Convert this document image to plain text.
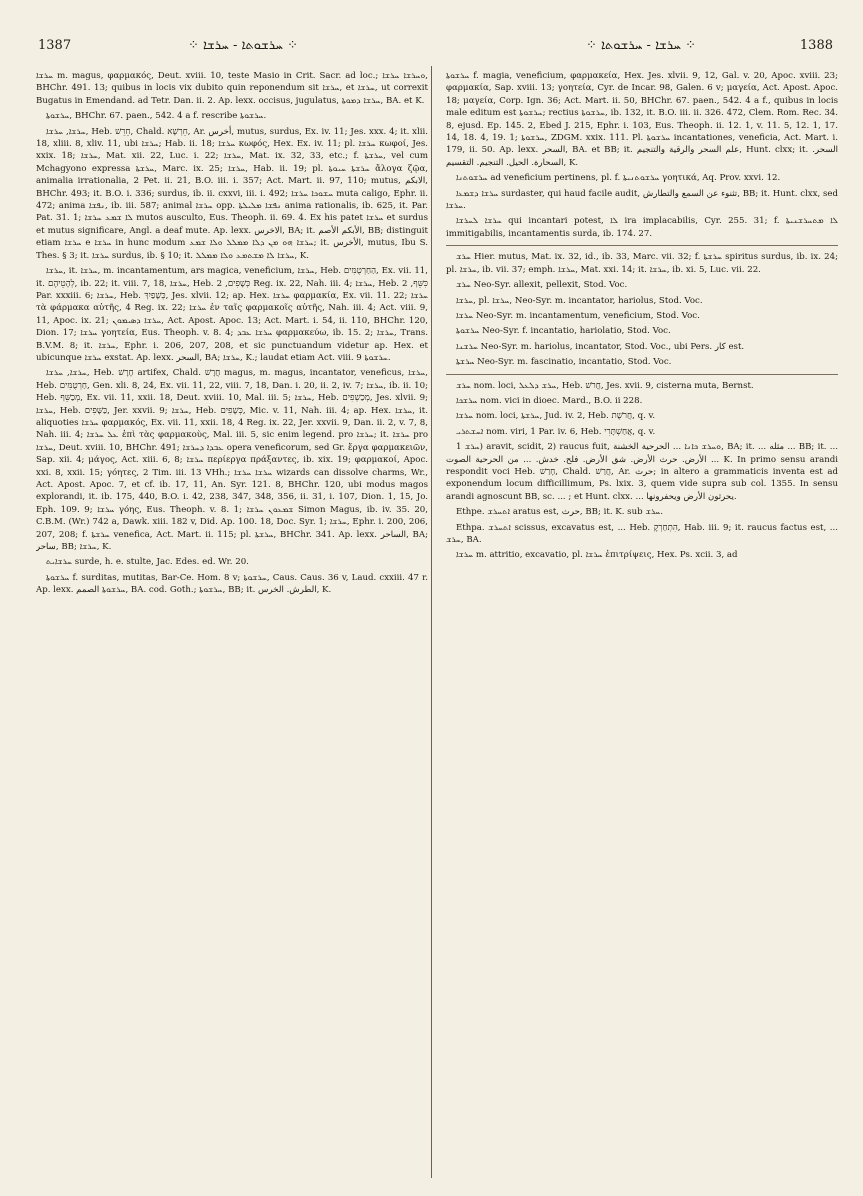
1387	⁘ ܚܪܫܘܬܐ - ܚܪܫܐ ⁘	⁘ ܚܪܫܐ - ܚܪܫܘܬܐ ⁘	1388

ܚܪܫܐ m. magus, φαρμακός, Deut. xviii. 10, teste Masio in Crit. Sacr. ad loc.; ܘܚܪܫܐ ܚܪܫܐ, BHChr. 491. 13; quibus in locis vix dubito quin reponendum sit ܚܪܫܐ, et ܚܪܫܐ, ut correxit Bugatus in Emendand. ad Tetr. Dan. ii. 2. Ap. lexx. occisus, jugulatus, ܚܪܫܐ ܕܡܘܬܐ, BA. et K.

ܚܪܫܘܬܐ, BHChr. 67. paen., 542. 4 a f. rescribe ܚܪܫܘܬܐ.

ܚܪܫܐ, ܚܪܫܐ, Heb. חֵרֵשׁ, Chald. חֵרְשָׁא, Ar. أخرس, mutus, surdus, Ex. iv. 11; Jes. xxx. 4; it. xlii. 18, xliii. 8, xliv. 11, ubi ܚܪܫܐ; Hab. ii. 18; ܚܪܫܐ κωφός, Hex. Ex. iv. 11; pl. ܚܪܫܐ κωφοί, Jes. xxix. 18; ܚܪܫܐ, Mat. xii. 22, Luc. i. 22; ܚܪܫܐ, Mat. ix. 32, 33, etc.; f. ܚܪܫܬܐ, vel cum Mchagyono expressa ܚܪܫܬܐ, Marc. ix. 25; ܚܪܫܐ, Hab. ii. 19; pl. ܚܪܫܬܐ ܚܝܘܬܐ ἄλογα ζῷα, animalia irrationalia, 2 Pet. ii. 21, B.O. iii. i. 357; Act. Mart. ii. 97, 110; mutus, الابكم, BHChr. 493; it. B.O. i. 336; surdus, ib. ii. cxxvi, iii. i. 492; ܚܫܘܟܐ ܚܪܫܐ muta caligo, Ephr. ii. 472; anima ܢܦܫܐ, ib. iii. 587; animal ܚܪܫܐ opp. ܢܦܫܐ ܡܠܝܠܬܐ anima rationalis, ib. 625, it. Par. Pat. 31. 1; ܠܐ ܫܡܥ ܚܪܫܐ mutos ausculto, Eus. Theoph. ii. 69. 4. Ex his patet ܚܪܫܐ et surdus et mutus significare, Angl. a deaf mute. Ap. lexx. الاخرس, BA; it. الأبكم الأصم, BB; distinguit etiam ܚܪܫܐ e ܚܪܫܐ in hunc modum ܚܪܫܐ ܗܘ ܡܢ ܕܠܐ ܡܡܠܠ ܘܠܐ ܫܡܥ; it. الأخرس, mutus, Ibu S. Thes. § 3; it. ܚܪܫܐ surdus, ib. § 10; it. ܚܪܫܐ ܠܐ ܡܫܬܡܥ ܘܠܐ ܡܡܠܠ, K.

ܚܪܫܐ, it. ܚܪܫܐ, m. incantamentum, ars magica, veneficium, ܚܪܫܐ, Heb. הַחַרְטֻמִּים, Ex. vii. 11, it. לְהָטֵיהֶם, ib. 22; it. viii. 7, 18, ܚܪܫܐ, Heb. כְּשָׁפִים, 2 Reg. ix. 22, Nah. iii. 4; ܚܪܫܐ, Heb. כִּשֵּׁף, 2 Par. xxxiii. 6; ܚܪܫܐ, Heb. כְּשָׁפַיִךְ, Jes. xlvii. 12; ap. Hex. ܚܪܫܐ φαρμακία, Ex. vii. 11. 22; ܚܪܫܐ τὰ φάρμακα αὐτῆς, 4 Reg. ix. 22; ܚܪܫܐ ἐν ταῖς φαρμακοῖς αὐτῆς, Nah. iii. 4; Act. viii. 9, 11, Apoc. ix. 21; ܚܪܫܐ ܕܣܝܡܘܢ, Act. Apost. Apoc. 13; Act. Mart. i. 54, ii. 110, BHChr. 120, Dion. 17; ܚܪܫܐ γοητεία, Eus. Theoph. v. 8. 4; ܚܪܫܐ ܥܒܕ φαρμακεύω, ib. 15. 2; ܚܪܫܐ, Trans. B.V.M. 8; it. ܚܪܫܐ, Ephr. i. 206, 207, 208, et sic punctuandum videtur ap. Hex. et ubicunque ܚܪܫܐ exstat. Ap. lexx. السحر, BA; ܚܪܫܐ, K.; laudat etiam Act. viii. 9 ܚܪܫܘܬܐ.

ܚܪܫܐ, ܚܪܫܐ, Heb. חָרָשׁ artifex, Chald. חֲרָשׁ magus, m. magus, incantator, veneficus, ܚܪܫܐ, Heb. חַרְטֻמִּים, Gen. xli. 8, 24, Ex. vii. 11, 22, viii. 7, 18, Dan. i. 20, ii. 2, iv. 7; ܚܪܫܐ, ib. ii. 10; Heb. מְכַשֵּׁף, Ex. vii. 11, xxii. 18, Deut. xviii. 10, Mal. iii. 5; ܚܪܫܐ, Heb. מְכַשְׁפִים, Jes. xlvii. 9; ܚܪܫܐ, Heb. כַּשָּׁפִים, Jer. xxvii. 9; ܚܪܫܐ, Heb. כְּשָׁפִים, Mic. v. 11, Nah. iii. 4; ap. Hex. ܚܪܫܐ, it. aliquoties ܚܪܫܐ φαρμακός, Ex. vii. 11, xxii. 18, 4 Reg. ix. 22, Jer. xxvii. 9, Dan. ii. 2, v. 7, 8, Nah. iii. 4; ܥܠ ܚܪܫܐ ἐπὶ τὰς φαρμακοὺς, Mal. iii. 5, sic enim legend. pro ܚܪܫܐ; it. ܚܪܫܐ pro ܚܪܫܐ, Deut. xviii. 10, BHChr. 491; ܥܒܕܐ ܕܚܪܫܐ opera veneficorum, sed Gr. ἔργα φαρμακειῶν, Sap. xii. 4; μάγος, Act. xiii. 6, 8; ܚܪܫܐ περίεργα πράξαντες, ib. xix. 19; φαρμακοί, Apoc. xxi. 8, xxii. 15; γόητες, 2 Tim. iii. 13 VHh.; ܚܪܫܐ ܚܪܫܐ wizards can dissolve charms, Wr., Act. Apost. Apoc. 7, et cf. ib. 17, 11, An. Syr. 121. 8, BHChr. 120, ubi modus magos explorandi, it. ib. 175, 440, B.O. i. 42, 238, 347, 348, 356, ii. 31, i. 107, Dion. 1, 15, Jo. Eph. 109. 9; ܚܪܫܐ γόης, Eus. Theoph. v. 8. 1; ܫܡܥܘܢ ܚܪܫܐ Simon Magus, ib. iv. 35. 20, C.B.M. (Wr.) 742 a, Dawk. xiii. 182 v, Did. Ap. 100. 18, Doc. Syr. 1; ܚܪܫܐ, Ephr. i. 200, 206, 207, 208; f. ܚܪܫܬܐ venefica, Act. Mart. ii. 115; pl. ܚܪܫܬܐ, BHChr. 341. Ap. lexx. الساحر, BA; ساحر, BB; ܚܪܫܐ, K.

ܚܪܫܐܝܬ surde, h. e. stulte, Jac. Edes. ed. Wr. 20.

ܚܪܫܘܬܐ f. surditas, mutitas, Bar-Ce. Hom. 8 v; ܚܪܫܘܬܐ, Caus. Caus. 36 v, Laud. cxxiii. 47 r. Ap. lexx. ܚܪܫܘܬܐ الصمم, BA. cod. Goth.; ܚܪܫܘܬܐ, BB; it. الطرش. الخرس, K.

ܚܪܫܘܬܐ f. magia, veneficium, φαρμακεία, Hex. Jes. xlvii. 9, 12, Gal. v. 20, Apoc. xviii. 23; φαρμακία, Sap. xviii. 13; γοητεία, Cyr. de Incar. 98, Galen. 6 v; μαγεία, Act. Apost. Apoc. 18; μαγεία, Corp. Ign. 36; Act. Mart. ii. 50, BHChr. 67. paen., 542. 4 a f., quibus in locis male editum est ܚܪܫܘܬܐ; rectius ܚܪܫܘܬܐ, ib. 132, it. B.O. iii. ii. 326. 472, Clem. Rom. Rec. 34. 8, ejusd. Ep. 145. 2, Ebed J. 215, Ephr. i. 103, Eus. Theoph. ii. 12. 1, v. 11. 5, 12. 1, 17. 14, 18. 4, 19. 1; ܚܪܫܘܬܐ, ZDGM. xxix. 111. Pl. ܚܪܫܘܬܐ incantationes, veneficia, Act. Mart. i. 179, ii. 50. Ap. lexx. السحر, BA. et BB; it. علم السحر والرقية والتنجيم, Hunt. clxx; it. السحر. السحارة. الحيل. التنجيم. التقسيم, K.

ܚܪܫܘܬܢܐ ad veneficium pertinens, pl. f. ܚܪܫܘܬܢܝܬܐ γοητικά, Aq. Prov. xxvi. 12.

ܚܪܫܐ ܕܫܡܥܐ surdaster, qui haud facile audit, تثنوء عن السمع والتطارش, BB; it. Hunt. clxx, sed ܚܪܫܐ.

ܚܪܫܐ ܠܚܪܫܐ qui incantari potest, ܠܐ ira implacabilis, Cyr. 255. 31; f. ܠܐ ܡܬܚܪܫܢܝܬܐ immitigabilis, incantamentis surda, ib. 174. 27.

ܚܪܫ Hier. mutus, Mat. ix. 32, id., ib. 33, Marc. vii. 32; f. ܚܪܫܬܐ spiritus surdus, ib. ix. 24; pl. ܚܪܫܐ, ib. vii. 37; emph. ܚܪܫܐ, Mat. xxi. 14; it. ܚܪܫܐ, ib. xi. 5, Luc. vii. 22.

ܚܪܫ Neo-Syr. allexit, pellexit, Stod. Voc.

ܚܪܫܐ, pl. ܚܪܫܐ, Neo-Syr. m. incantator, hariolus, Stod. Voc.

ܚܪܫܐ Neo-Syr. m. incantamentum, veneficium, Stod. Voc.

ܚܪܫܘܬܐ Neo-Syr. f. incantatio, hariolatio, Stod. Voc.

ܚܪܫܢܐ Neo-Syr. m. hariolus, incantator, Stod. Voc., ubi Pers. کار est.

ܚܪܫܬܐ Neo-Syr. m. fascinatio, incantatio, Stod. Voc.

ܚܪܫ nom. loci, ܚܪܫ ܕܠܥܠ, Heb. חֲרֹשׁ, Jes. xvii. 9, cisterna muta, Bernst.

ܚܪܫܟܐ nom. vici in dioec. Mard., B.O. ii 228.

ܚܪܫܐ nom. loci, ܚܪܫܬܐ, Jud. iv. 2, Heb. חֲרֹשֶׁת, q. v.

ܐܚܫܬܪܝ nom. viri, 1 Par. iv. 6, Heb. אֲחַשְׁתָּרִי, q. v.

ܚܪܫ 1) aravit, scidit, 2) raucus fuit, ܘܚܪܫ ܟܐܢܐ ... الحرحية الخشنة, BA; it. ... مثله ... BB; it. ... الأرض. حرث الأرض. شق الأرض. فلح. خدش. ... من الحرحية الصوت ... K. In primo sensu arandi respondit voci Heb. חָרַשׁ, Chald. חֲרַשׁ, Ar. حرث; in altero a grammaticis inventa est ad exponendum locum difficillimum, Ps. lxix. 3, quem vide supra sub col. 1355. In sensu arandi agnoscunt BB, sc. ... ; et Hunt. clxx. ... يحرثون الأرض ويحفرونها.

Ethpe. ܐܬܚܪܫ aratus est, حرث, BB; it. K. sub ܚܪܫ.

Ethpa. ܐܬܚܪܫ scissus, excavatus est, ... Heb. הִתְחַרְקֶ, Hab. iii. 9; it. raucus factus est, ... ܚܪܫ, BA.

ܚܪܫܐ m. attritio, excavatio, pl. ܚܪܫܐ ἐπιτρίψεις, Hex. Ps. xcii. 3, ad
